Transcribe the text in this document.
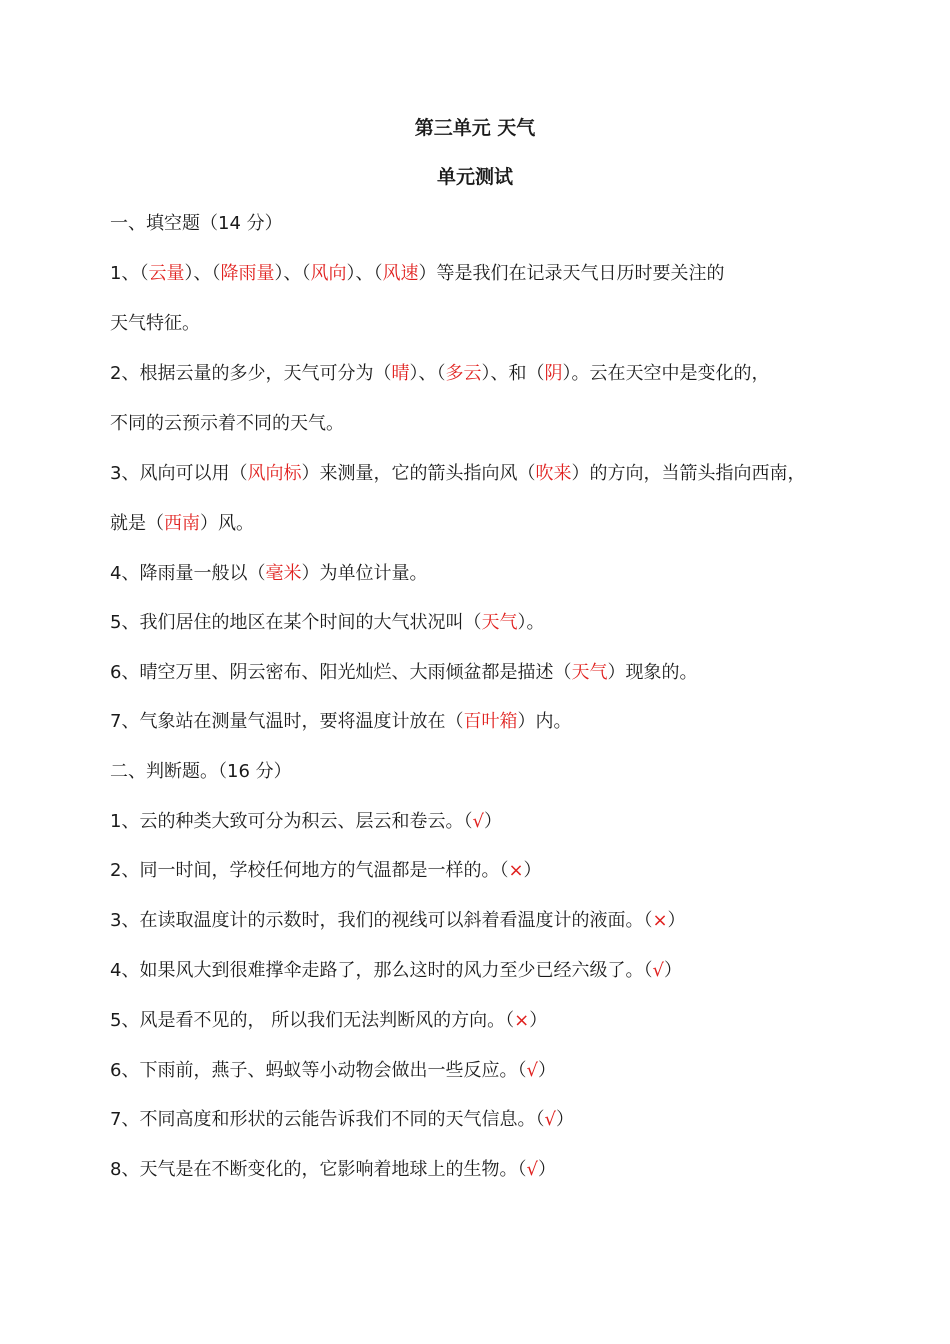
第三单元 天气
单元测试
一、填空题（14 分）
1、（云量）、（降雨量）、（风向）、（风速）等是我们在记录天气日历时要关注的
天气特征。
2、根据云量的多少，天气可分为（晴）、（多云）、和（阴）。云在天空中是变化的，
不同的云预示着不同的天气。
3、风向可以用（风向标）来测量，它的箭头指向风（吹来）的方向，当箭头指向西南，
就是（西南）风。
4、降雨量一般以（毫米）为单位计量。
5、我们居住的地区在某个时间的大气状况叫（天气）。
6、晴空万里、阴云密布、阳光灿烂、大雨倾盆都是描述（天气）现象的。
7、气象站在测量气温时，要将温度计放在（百叶箱）内。
二、判断题。（16 分）
1、云的种类大致可分为积云、层云和卷云。（√）
2、同一时间，学校任何地方的气温都是一样的。（×）
3、在读取温度计的示数时，我们的视线可以斜着看温度计的液面。（×）
4、如果风大到很难撑伞走路了，那么这时的风力至少已经六级了。（√）
5、风是看不见的， 所以我们无法判断风的方向。（×）
6、下雨前，燕子、蚂蚁等小动物会做出一些反应。（√）
7、不同高度和形状的云能告诉我们不同的天气信息。（√）
8、天气是在不断变化的，它影响着地球上的生物。（√）
